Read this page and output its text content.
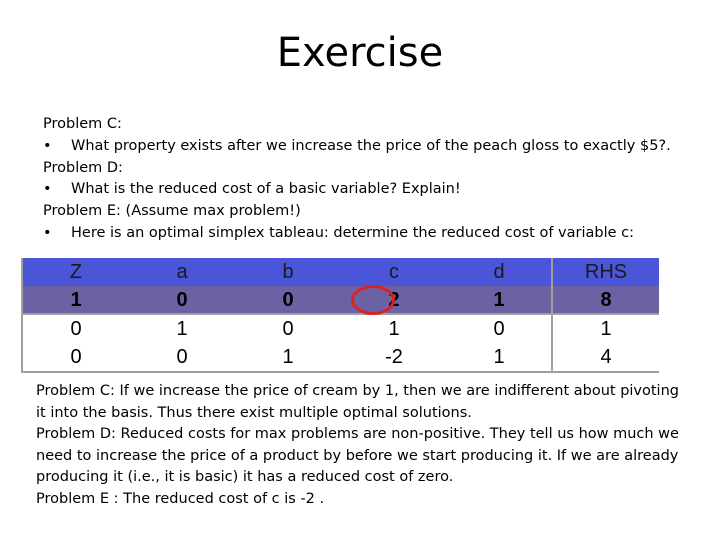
Exercise
Problem C:
• What property exists after we increase the price of the peach gloss to exactly $5?.
Problem D:
• What is the reduced cost of a basic variable? Explain!
Problem E: (Assume max problem!)
• Here is an optimal simplex tableau: determine the reduced cost of variable c:
Z	a	b	c	d	RHS
1	0	0	2	1	8
0	1	0	1	0	1
0	0	1	-2	1	4
Problem C: If we increase the price of cream by 1, then we are indifferent about pivoting
it into the basis. Thus there exist multiple optimal solutions.
Problem D: Reduced costs for max problems are non-positive. They tell us how much we
need to increase the price of a product by before we start producing it. If we are already
producing it (i.e., it is basic) it has a reduced cost of zero.
Problem E : The reduced cost of c is -2 .
